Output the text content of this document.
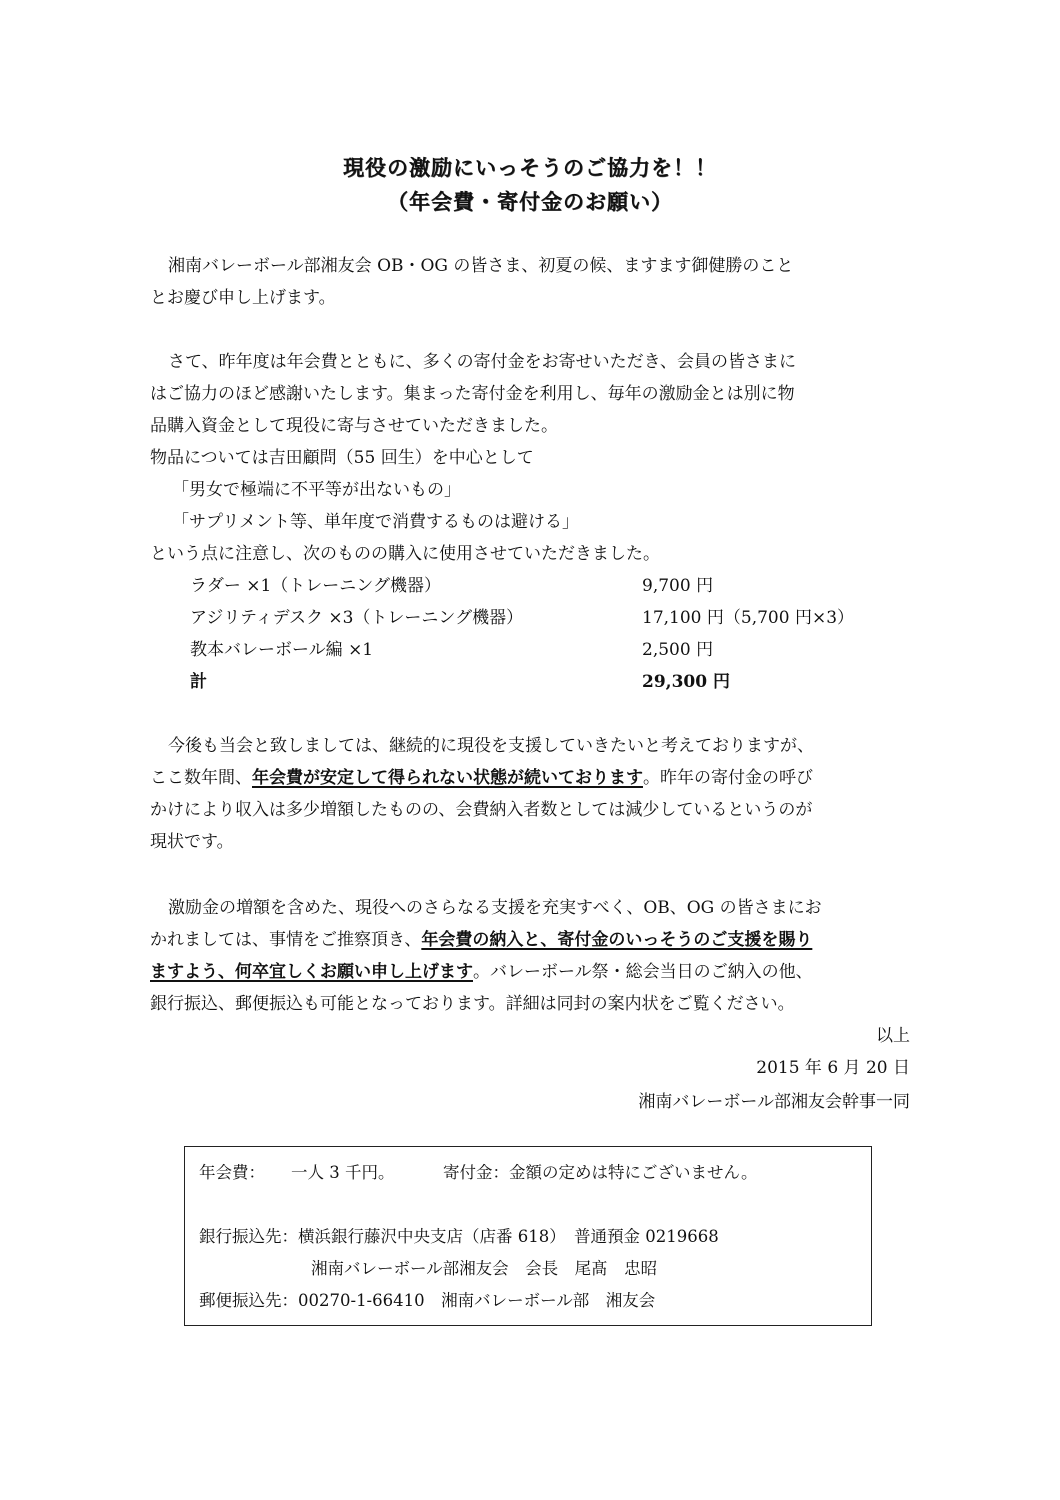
現役の激励にいっそうのご協力を！！
（年会費・寄付金のお願い）
湘南バレーボール部湘友会 OB・OG の皆さま、初夏の候、ますます御健勝のこと
とお慶び申し上げます。
さて、昨年度は年会費とともに、多くの寄付金をお寄せいただき、会員の皆さまに
はご協力のほど感謝いたします。集まった寄付金を利用し、毎年の激励金とは別に物
品購入資金として現役に寄与させていただきました。
物品については吉田顧問（55 回生）を中心として
「男女で極端に不平等が出ないもの」
「サプリメント等、単年度で消費するものは避ける」
という点に注意し、次のものの購入に使用させていただきました。
ラダー ×1（トレーニング機器）	9,700 円
アジリティデスク ×3（トレーニング機器）	17,100 円（5,700 円×3）
教本バレーボール編 ×1	2,500 円
計	29,300 円
今後も当会と致しましては、継続的に現役を支援していきたいと考えておりますが、
ここ数年間、年会費が安定して得られない状態が続いております。昨年の寄付金の呼び
かけにより収入は多少増額したものの、会費納入者数としては減少しているというのが
現状です。
激励金の増額を含めた、現役へのさらなる支援を充実すべく、OB、OG の皆さまにお
かれましては、事情をご推察頂き、年会費の納入と、寄付金のいっそうのご支援を賜り
ますよう、何卒宜しくお願い申し上げます。バレーボール祭・総会当日のご納入の他、
銀行振込、郵便振込も可能となっております。詳細は同封の案内状をご覧ください。
以上
2015 年 6 月 20 日
湘南バレーボール部湘友会幹事一同
年会費： 一人 3 千円。	寄付金：金額の定めは特にございません。
銀行振込先：横浜銀行藤沢中央支店（店番 618）　普通預金 0219668
湘南バレーボール部湘友会　会長　尾髙　忠昭
郵便振込先：00270-1-66410　湘南バレーボール部　湘友会
